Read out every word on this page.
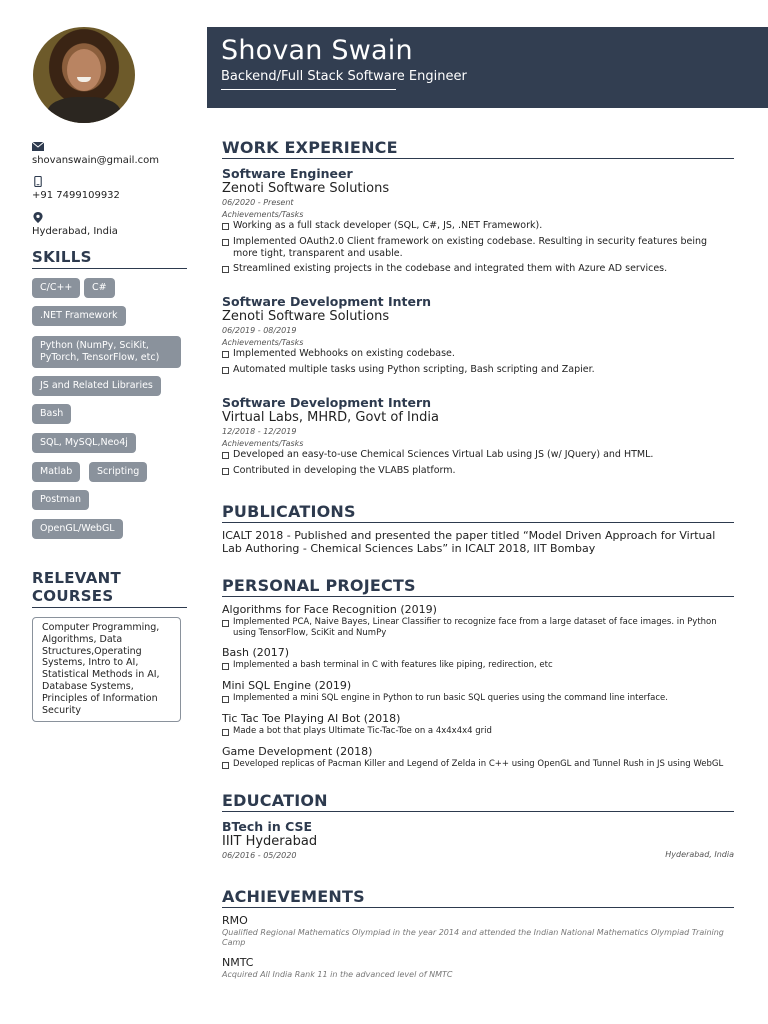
shovanswain@gmail.com
+91 7499109932
Hyderabad, India
SKILLS
C/C++	C#
.NET Framework
Python (NumPy, SciKit, PyTorch, TensorFlow, etc)
JS and Related Libraries
Bash
SQL, MySQL,Neo4j
Matlab	Scripting
Postman
OpenGL/WebGL
RELEVANT COURSES
Computer Programming, Algorithms, Data Structures,Operating Systems, Intro to AI, Statistical Methods in AI, Database Systems, Principles of Information Security
Shovan Swain
Backend/Full Stack Software Engineer
WORK EXPERIENCE
Software Engineer
Zenoti Software Solutions
06/2020 - Present
Achievements/Tasks
Working as a full stack developer (SQL, C#, JS, .NET Framework).
Implemented OAuth2.0 Client framework on existing codebase. Resulting in security features being more tight, transparent and usable.
Streamlined existing projects in the codebase and integrated them with Azure AD services.
Software Development Intern
Zenoti Software Solutions
06/2019 - 08/2019
Achievements/Tasks
Implemented Webhooks on existing codebase.
Automated multiple tasks using Python scripting, Bash scripting and Zapier.
Software Development Intern
Virtual Labs, MHRD, Govt of India
12/2018 - 12/2019
Achievements/Tasks
Developed an easy-to-use Chemical Sciences Virtual Lab using JS (w/ JQuery) and HTML.
Contributed in developing the VLABS platform.
PUBLICATIONS
ICALT 2018 - Published and presented the paper titled “Model Driven Approach for Virtual Lab Authoring - Chemical Sciences Labs” in ICALT 2018, IIT Bombay
PERSONAL PROJECTS
Algorithms for Face Recognition (2019)
Implemented PCA, Naive Bayes, Linear Classifier to recognize face from a large dataset of face images. in Python using TensorFlow, SciKit and NumPy
Bash (2017)
Implemented a bash terminal in C with features like piping, redirection, etc
Mini SQL Engine (2019)
Implemented a mini SQL engine in Python to run basic SQL queries using the command line interface.
Tic Tac Toe Playing AI Bot (2018)
Made a bot that plays Ultimate Tic-Tac-Toe on a 4x4x4x4 grid
Game Development (2018)
Developed replicas of Pacman Killer and Legend of Zelda in C++ using OpenGL and Tunnel Rush in JS using WebGL
EDUCATION
BTech in CSE
IIIT Hyderabad
06/2016 - 05/2020	Hyderabad, India
ACHIEVEMENTS
RMO
Qualified Regional Mathematics Olympiad in the year 2014 and attended the Indian National Mathematics Olympiad Training Camp
NMTC
Acquired All India Rank 11 in the advanced level of NMTC
